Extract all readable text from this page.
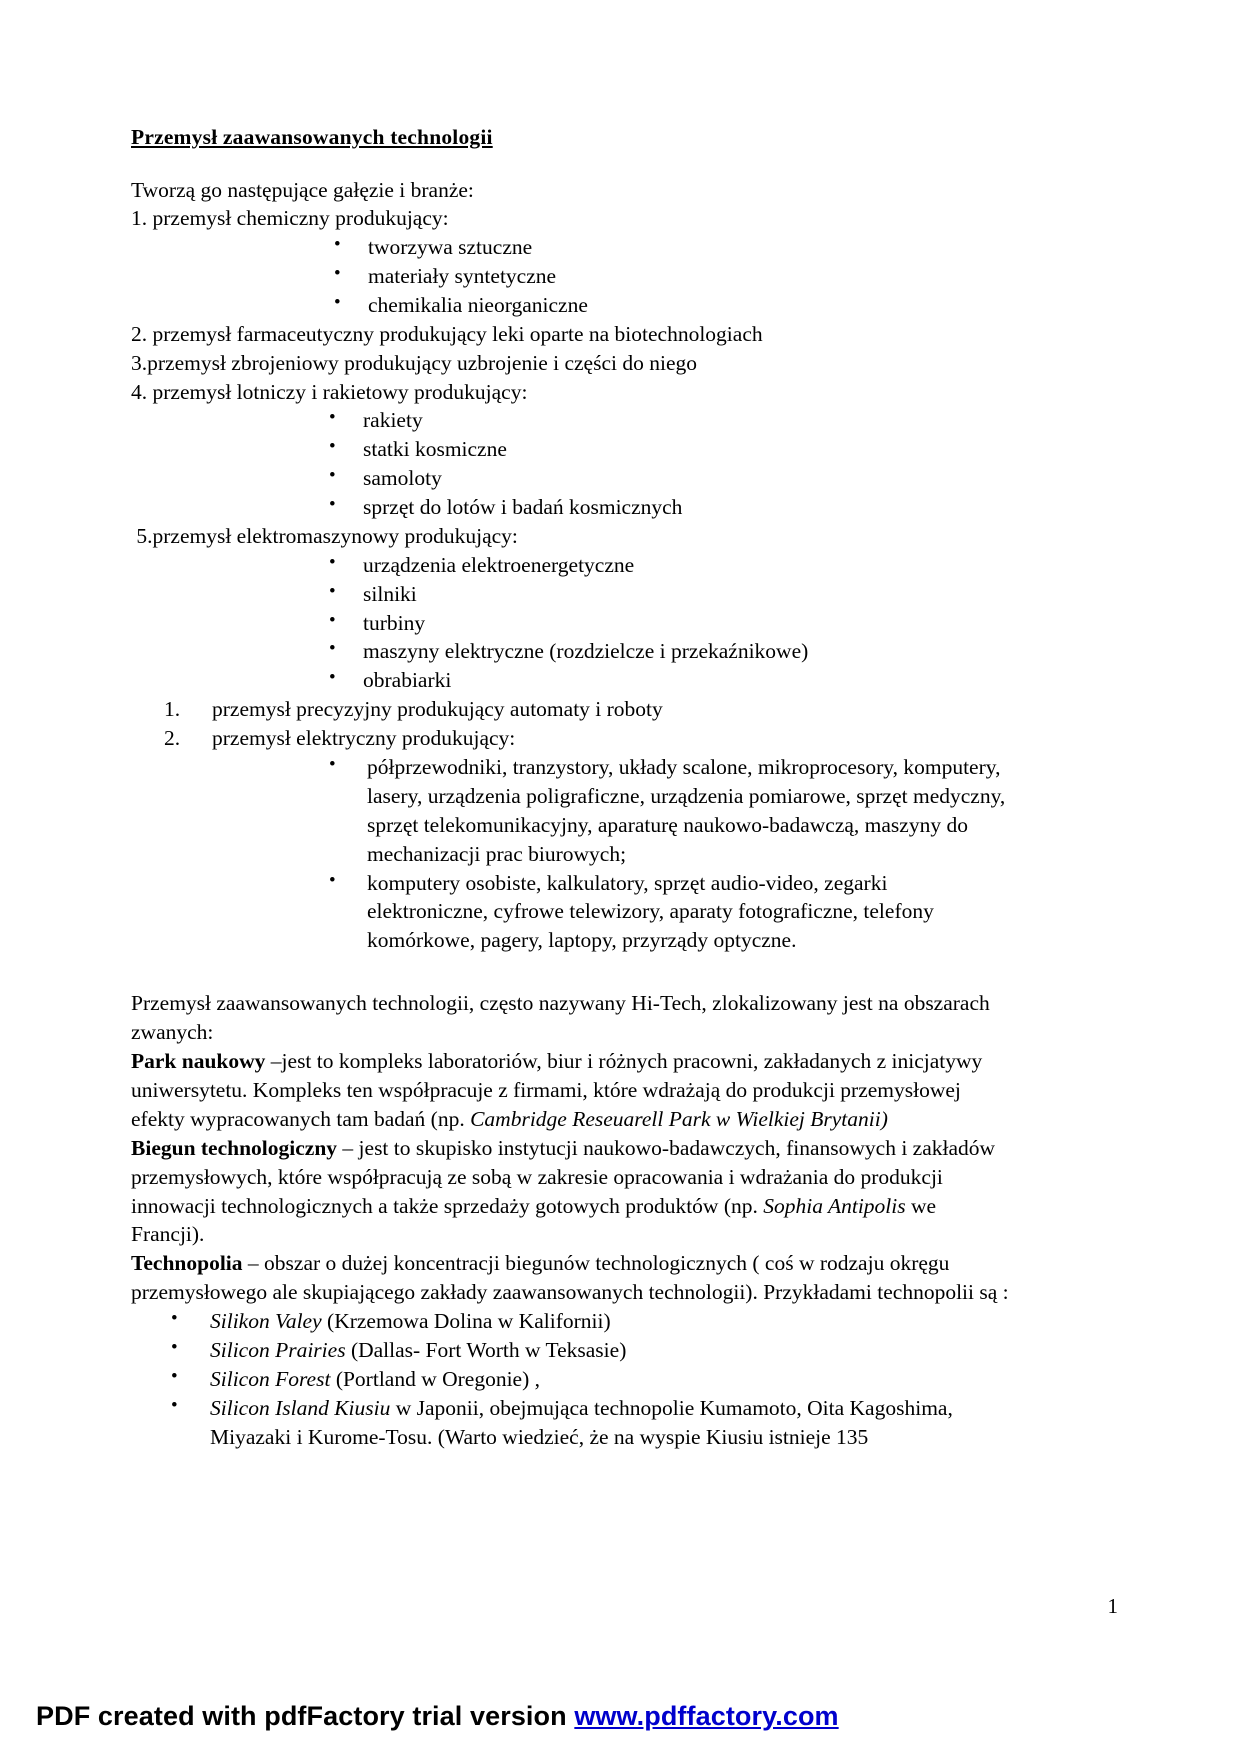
Przemysł zaawansowanych technologii

Tworzą go następujące gałęzie i branże:

1. przemysł chemiczny produkujący:

• tworzywa sztuczne
• materiały syntetyczne
• chemikalia nieorganiczne

2. przemysł farmaceutyczny produkujący leki oparte na biotechnologiach

3.przemysł zbrojeniowy produkujący uzbrojenie i części do niego

4. przemysł lotniczy i rakietowy produkujący:

• rakiety
• statki kosmiczne
• samoloty
• sprzęt do lotów i badań kosmicznych

5.przemysł elektromaszynowy produkujący:

• urządzenia elektroenergetyczne
• silniki
• turbiny
• maszyny elektryczne (rozdzielcze i przekaźnikowe)
• obrabiarki
1. przemysł precyzyjny produkujący automaty i roboty
2. przemysł elektryczny produkujący:
• półprzewodniki, tranzystory, układy scalone, mikroprocesory, komputery, lasery, urządzenia poligraficzne, urządzenia pomiarowe, sprzęt medyczny, sprzęt telekomunikacyjny, aparaturę naukowo-badawczą, maszyny do mechanizacji prac biurowych;
• komputery osobiste, kalkulatory, sprzęt audio-video, zegarki elektroniczne, cyfrowe telewizory, aparaty fotograficzne, telefony komórkowe, pagery, laptopy, przyrządy optyczne.

Przemysł zaawansowanych technologii, często nazywany Hi-Tech, zlokalizowany jest na obszarach zwanych:

Park naukowy –jest to kompleks laboratoriów, biur i różnych pracowni, zakładanych z inicjatywy uniwersytetu. Kompleks ten współpracuje z firmami, które wdrażają do produkcji przemysłowej efekty wypracowanych tam badań (np. Cambridge Reseuarell Park w Wielkiej Brytanii)

Biegun technologiczny – jest to skupisko instytucji naukowo-badawczych, finansowych i zakładów przemysłowych, które współpracują ze sobą w zakresie opracowania i wdrażania do produkcji innowacji technologicznych a także sprzedaży gotowych produktów (np. Sophia Antipolis we Francji).

Technopolia – obszar o dużej koncentracji biegunów technologicznych ( coś w rodzaju okręgu przemysłowego ale skupiającego zakłady zaawansowanych technologii). Przykładami technopolii są :

• Silikon Valey (Krzemowa Dolina w Kalifornii)
• Silicon Prairies (Dallas- Fort Worth w Teksasie)
• Silicon Forest (Portland w Oregonie) ,
• Silicon Island Kiusiu w Japonii, obejmująca technopolie Kumamoto, Oita Kagoshima, Miyazaki i Kurome-Tosu. (Warto wiedzieć, że na wyspie Kiusiu istnieje 135
1
PDF created with pdfFactory trial version www.pdffactory.com
